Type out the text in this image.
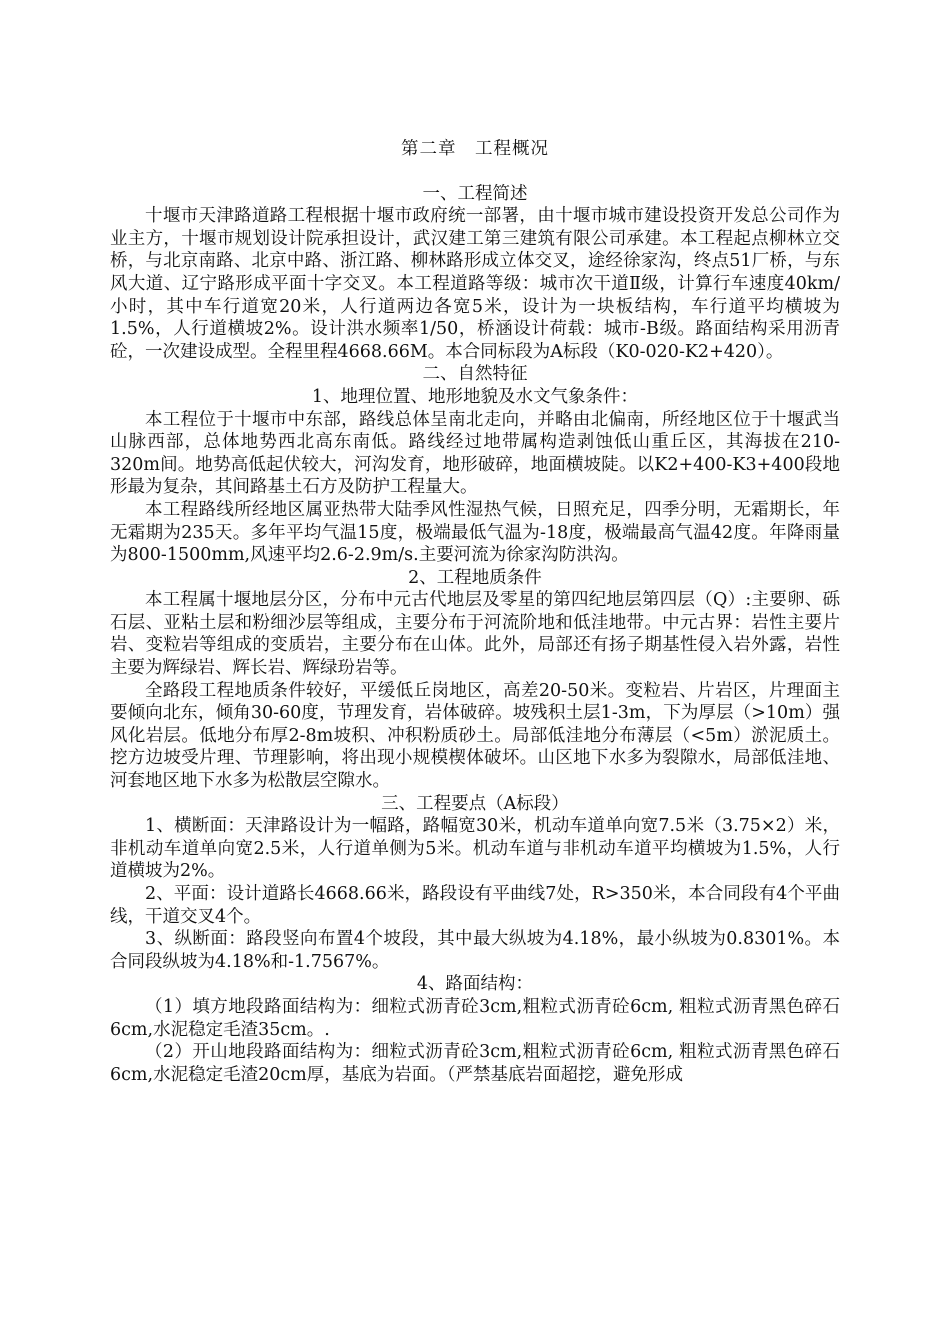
第二章　工程概况

一、工程简述

十堰市天津路道路工程根据十堰市政府统一部署，由十堰市城市建设投资开发总公司作为业主方，十堰市规划设计院承担设计，武汉建工第三建筑有限公司承建。本工程起点柳林立交桥，与北京南路、北京中路、浙江路、柳林路形成立体交叉，途经徐家沟，终点51厂桥，与东风大道、辽宁路形成平面十字交叉。本工程道路等级：城市次干道Ⅱ级，计算行车速度40km/小时，其中车行道宽20米，人行道两边各宽5米，设计为一块板结构，车行道平均横坡为1.5%，人行道横坡2%。设计洪水频率1/50，桥涵设计荷载：城市-B级。路面结构采用沥青砼，一次建设成型。全程里程4668.66M。本合同标段为A标段（K0-020-K2+420）。

二、自然特征

1、地理位置、地形地貌及水文气象条件：

本工程位于十堰市中东部，路线总体呈南北走向，并略由北偏南，所经地区位于十堰武当山脉西部，总体地势西北高东南低。路线经过地带属构造剥蚀低山重丘区，其海拔在210-320m间。地势高低起伏较大，河沟发育，地形破碎，地面横坡陡。以K2+400-K3+400段地形最为复杂，其间路基土石方及防护工程量大。

本工程路线所经地区属亚热带大陆季风性湿热气候，日照充足，四季分明，无霜期长，年无霜期为235天。多年平均气温15度，极端最低气温为-18度，极端最高气温42度。年降雨量为800-1500mm,风速平均2.6-2.9m/s.主要河流为徐家沟防洪沟。

2、工程地质条件

本工程属十堰地层分区，分布中元古代地层及零星的第四纪地层第四层（Q）:主要卵、砾石层、亚粘土层和粉细沙层等组成，主要分布于河流阶地和低洼地带。中元古界：岩性主要片岩、变粒岩等组成的变质岩，主要分布在山体。此外，局部还有扬子期基性侵入岩外露，岩性主要为辉绿岩、辉长岩、辉绿玢岩等。

全路段工程地质条件较好，平缓低丘岗地区，高差20-50米。变粒岩、片岩区，片理面主要倾向北东，倾角30-60度，节理发育，岩体破碎。坡残积土层1-3m，下为厚层（>10m）强风化岩层。低地分布厚2-8m坡积、冲积粉质砂土。局部低洼地分布薄层（<5m）淤泥质土。挖方边坡受片理、节理影响，将出现小规模楔体破坏。山区地下水多为裂隙水，局部低洼地、河套地区地下水多为松散层空隙水。

三、工程要点（A标段）

1、横断面：天津路设计为一幅路，路幅宽30米，机动车道单向宽7.5米（3.75×2）米，非机动车道单向宽2.5米，人行道单侧为5米。机动车道与非机动车道平均横坡为1.5%，人行道横坡为2%。

2、平面：设计道路长4668.66米，路段设有平曲线7处，R>350米，本合同段有4个平曲线，干道交叉4个。

3、纵断面：路段竖向布置4个坡段，其中最大纵坡为4.18%，最小纵坡为0.8301%。本合同段纵坡为4.18%和-1.7567%。

4、路面结构：

（1）填方地段路面结构为：细粒式沥青砼3cm,粗粒式沥青砼6cm, 粗粒式沥青黑色碎石6cm,水泥稳定毛渣35cm。.

（2）开山地段路面结构为：细粒式沥青砼3cm,粗粒式沥青砼6cm, 粗粒式沥青黑色碎石6cm,水泥稳定毛渣20cm厚，基底为岩面。（严禁基底岩面超挖，避免形成
